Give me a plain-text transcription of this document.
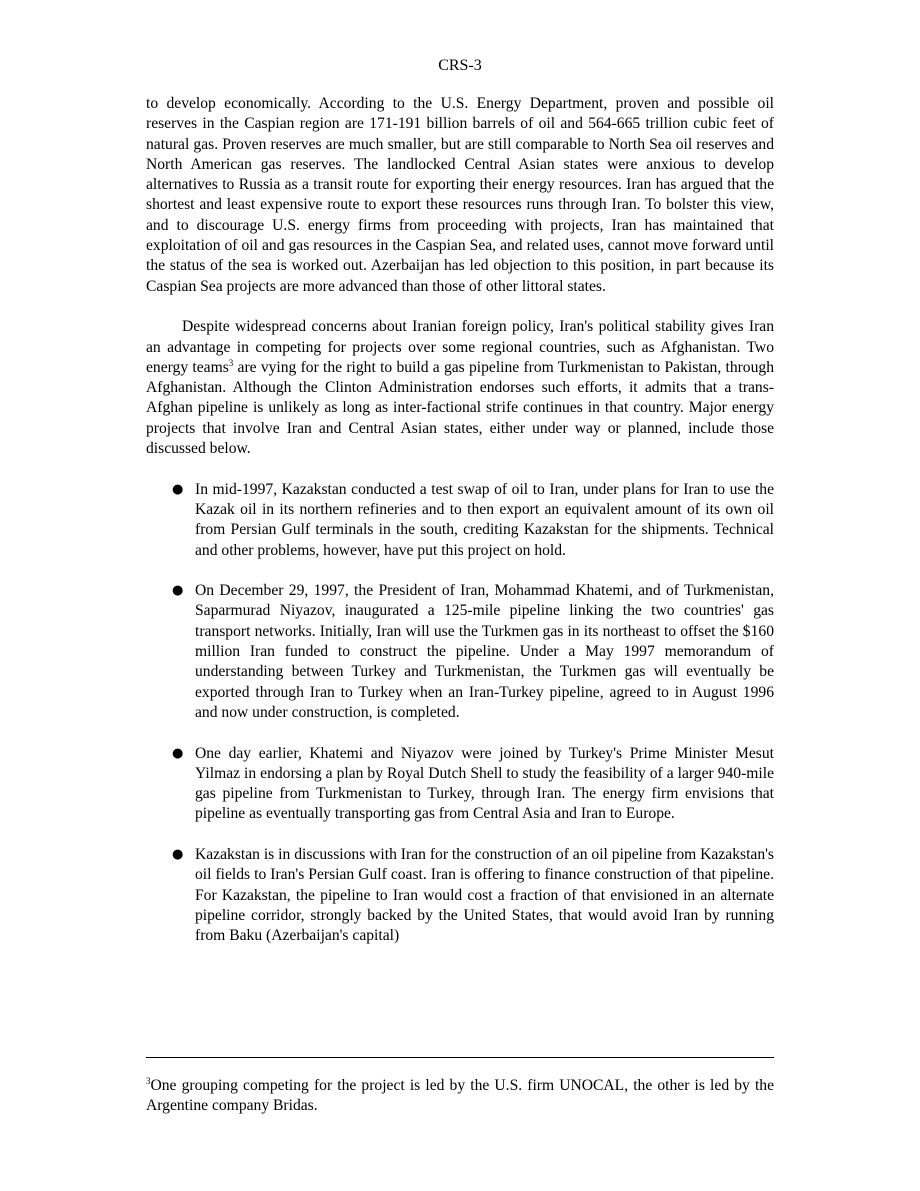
CRS-3

to develop economically. According to the U.S. Energy Department, proven and possible oil reserves in the Caspian region are 171-191 billion barrels of oil and 564-665 trillion cubic feet of natural gas. Proven reserves are much smaller, but are still comparable to North Sea oil reserves and North American gas reserves. The landlocked Central Asian states were anxious to develop alternatives to Russia as a transit route for exporting their energy resources. Iran has argued that the shortest and least expensive route to export these resources runs through Iran. To bolster this view, and to discourage U.S. energy firms from proceeding with projects, Iran has maintained that exploitation of oil and gas resources in the Caspian Sea, and related uses, cannot move forward until the status of the sea is worked out. Azerbaijan has led objection to this position, in part because its Caspian Sea projects are more advanced than those of other littoral states.

Despite widespread concerns about Iranian foreign policy, Iran's political stability gives Iran an advantage in competing for projects over some regional countries, such as Afghanistan. Two energy teams$^3$ are vying for the right to build a gas pipeline from Turkmenistan to Pakistan, through Afghanistan. Although the Clinton Administration endorses such efforts, it admits that a trans-Afghan pipeline is unlikely as long as inter-factional strife continues in that country. Major energy projects that involve Iran and Central Asian states, either under way or planned, include those discussed below.

● In mid-1997, Kazakstan conducted a test swap of oil to Iran, under plans for Iran to use the Kazak oil in its northern refineries and to then export an equivalent amount of its own oil from Persian Gulf terminals in the south, crediting Kazakstan for the shipments. Technical and other problems, however, have put this project on hold.
● On December 29, 1997, the President of Iran, Mohammad Khatemi, and of Turkmenistan, Saparmurad Niyazov, inaugurated a 125-mile pipeline linking the two countries' gas transport networks. Initially, Iran will use the Turkmen gas in its northeast to offset the $160 million Iran funded to construct the pipeline. Under a May 1997 memorandum of understanding between Turkey and Turkmenistan, the Turkmen gas will eventually be exported through Iran to Turkey when an Iran-Turkey pipeline, agreed to in August 1996 and now under construction, is completed.
● One day earlier, Khatemi and Niyazov were joined by Turkey's Prime Minister Mesut Yilmaz in endorsing a plan by Royal Dutch Shell to study the feasibility of a larger 940-mile gas pipeline from Turkmenistan to Turkey, through Iran. The energy firm envisions that pipeline as eventually transporting gas from Central Asia and Iran to Europe.
● Kazakstan is in discussions with Iran for the construction of an oil pipeline from Kazakstan's oil fields to Iran's Persian Gulf coast. Iran is offering to finance construction of that pipeline. For Kazakstan, the pipeline to Iran would cost a fraction of that envisioned in an alternate pipeline corridor, strongly backed by the United States, that would avoid Iran by running from Baku (Azerbaijan's capital)
$^3$One grouping competing for the project is led by the U.S. firm UNOCAL, the other is led by the Argentine company Bridas.
